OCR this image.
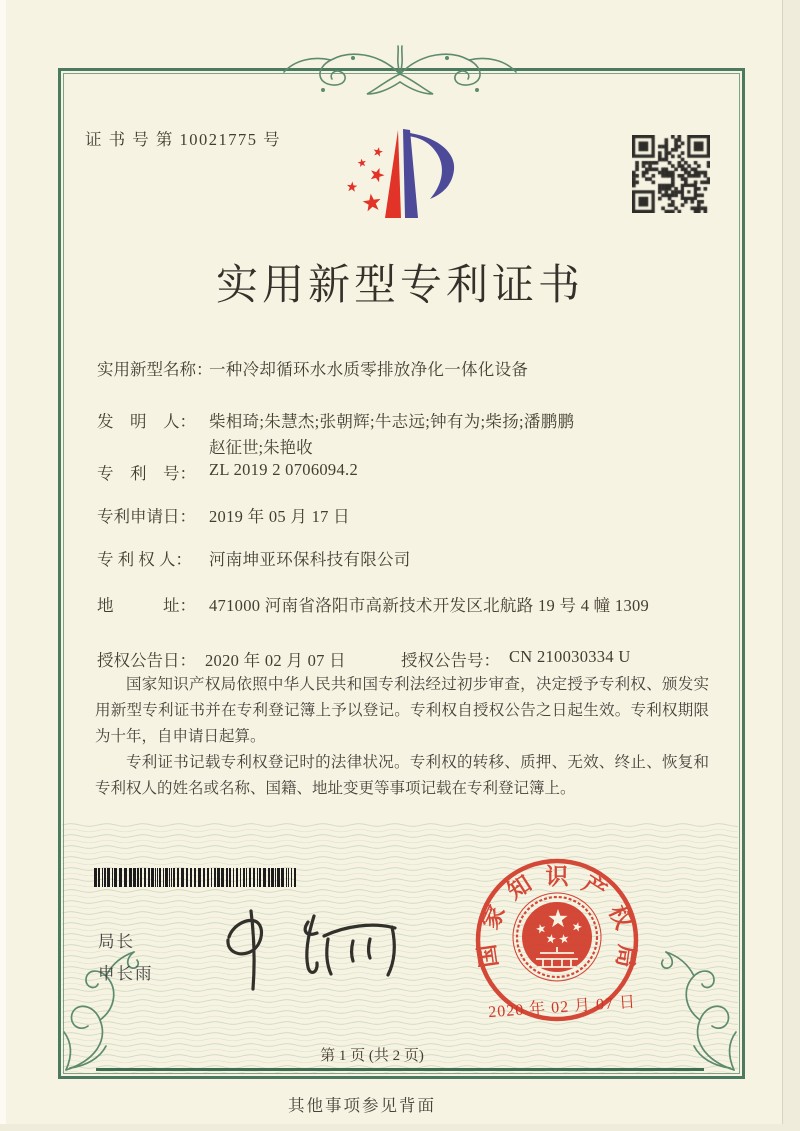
证 书 号 第 10021775 号
实用新型专利证书
实用新型名称：
一种冷却循环水水质零排放净化一体化设备
发　明　人： 柴相琦;朱慧杰;张朝辉;牛志远;钟有为;柴扬;潘鹏鹏
赵征世;朱艳收
专　利　号： ZL 2019 2 0706094.2
专利申请日： 2019 年 05 月 17 日
专 利 权 人：	河南坤亚环保科技有限公司
地　　　址： 471000 河南省洛阳市高新技术开发区北航路 19 号 4 幢 1309
授权公告日： 2020 年 02 月 07 日	授权公告号： CN 210030334 U

国家知识产权局依照中华人民共和国专利法经过初步审查，决定授予专利权、颁发实用新型专利证书并在专利登记簿上予以登记。专利权自授权公告之日起生效。专利权期限为十年，自申请日起算。

专利证书记载专利权登记时的法律状况。专利权的转移、质押、无效、终止、恢复和专利权人的姓名或名称、国籍、地址变更等事项记载在专利登记簿上。

局长
申长雨
国家知识产权局
2020 年 02 月 07 日
第 1 页 (共 2 页)
其他事项参见背面
